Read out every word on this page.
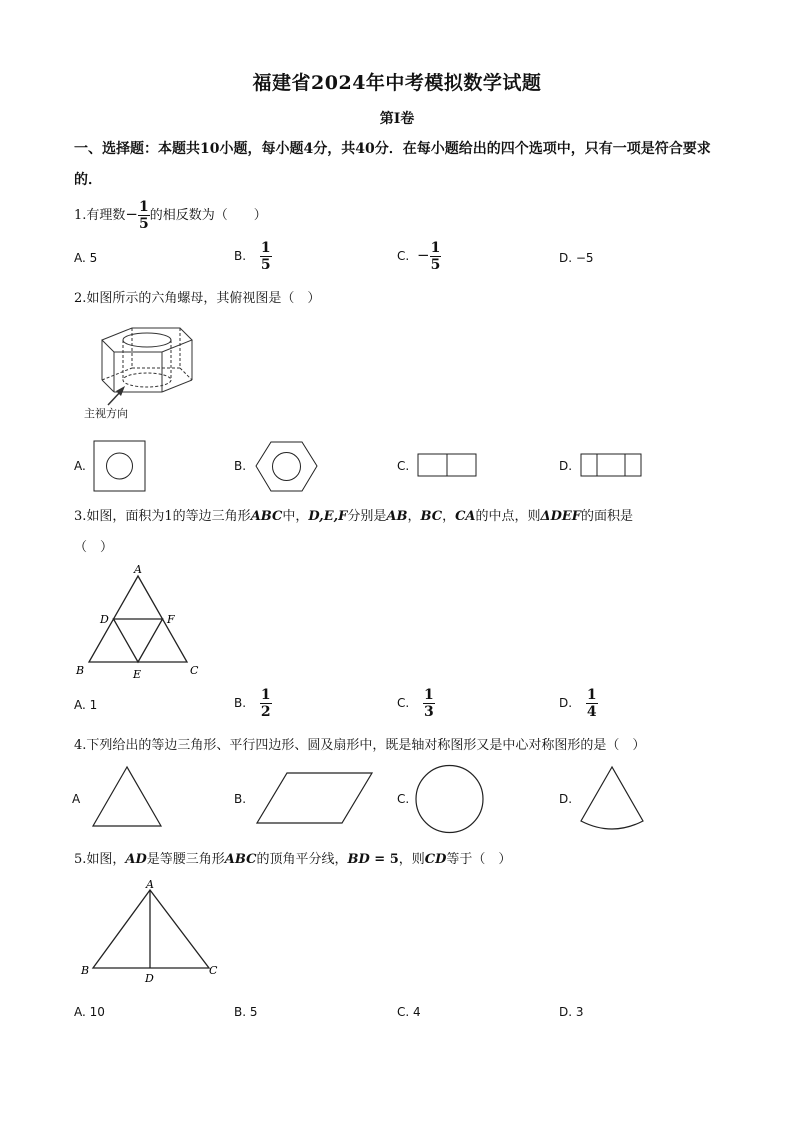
福建省2024年中考模拟数学试题
第Ⅰ卷
一、选择题：本题共10小题，每小题4分，共40分．在每小题给出的四个选项中，只有一项是符合要求的．
1.有理数− $\frac{1}{5}$ 的相反数为（　　）
A. 5	B. $\frac{1}{5}$	C. − $\frac{1}{5}$	D. −5
2.如图所示的六角螺母，其俯视图是（　）
主视方向
A.	B.	C.	D.
3.如图，面积为1的等边三角形ABC中，D,E,F分别是AB，BC，CA的中点，则ΔDEF的面积是
（　）
A
D	F
B	E	C
A. 1	B. $\frac{1}{2}$	C. $\frac{1}{3}$	D. $\frac{1}{4}$
4.下列给出的等边三角形、平行四边形、圆及扇形中，既是轴对称图形又是中心对称图形的是（　）
A	B.	C.	D.
5.如图，AD是等腰三角形ABC的顶角平分线，BD = 5，则CD等于（　）
A
B	C
D
A. 10	B. 5	C. 4	D. 3
